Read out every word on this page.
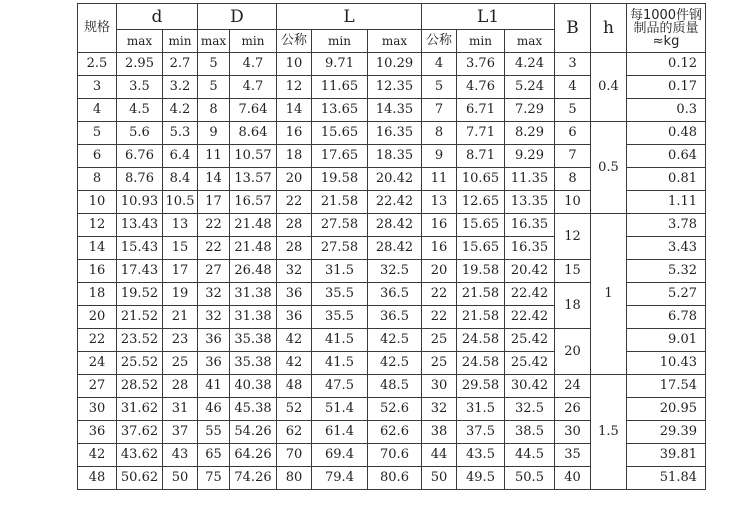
规格	d		D		L			L1			B	h	每1000件钢
制品的质量
≈kg

	max	min	max	min	公称	min	max	公称	min	max			
2.5	2.95	2.7	5	4.7	10	9.71	10.29	4	3.76	4.24	3	0.4	0.12
3	3.5	3.2	5	4.7	12	11.65	12.35	5	4.76	5.24	4		0.17
4	4.5	4.2	8	7.64	14	13.65	14.35	7	6.71	7.29	5		0.3
5	5.6	5.3	9	8.64	16	15.65	16.35	8	7.71	8.29	6	0.5	0.48
6	6.76	6.4	11	10.57	18	17.65	18.35	9	8.71	9.29	7		0.64
8	8.76	8.4	14	13.57	20	19.58	20.42	11	10.65	11.35	8		0.81
10	10.93	10.5	17	16.57	22	21.58	22.42	13	12.65	13.35	10		1.11
12	13.43	13	22	21.48	28	27.58	28.42	16	15.65	16.35	12	1	3.78
14	15.43	15	22	21.48	28	27.58	28.42	16	15.65	16.35			3.43
16	17.43	17	27	26.48	32	31.5	32.5	20	19.58	20.42	15		5.32
18	19.52	19	32	31.38	36	35.5	36.5	22	21.58	22.42	18		5.27
20	21.52	21	32	31.38	36	35.5	36.5	22	21.58	22.42			6.78
22	23.52	23	36	35.38	42	41.5	42.5	25	24.58	25.42	20		9.01
24	25.52	25	36	35.38	42	41.5	42.5	25	24.58	25.42			10.43
27	28.52	28	41	40.38	48	47.5	48.5	30	29.58	30.42	24	1.5	17.54
30	31.62	31	46	45.38	52	51.4	52.6	32	31.5	32.5	26		20.95
36	37.62	37	55	54.26	62	61.4	62.6	38	37.5	38.5	30		29.39
42	43.62	43	65	64.26	70	69.4	70.6	44	43.5	44.5	35		39.81
48	50.62	50	75	74.26	80	79.4	80.6	50	49.5	50.5	40		51.84
